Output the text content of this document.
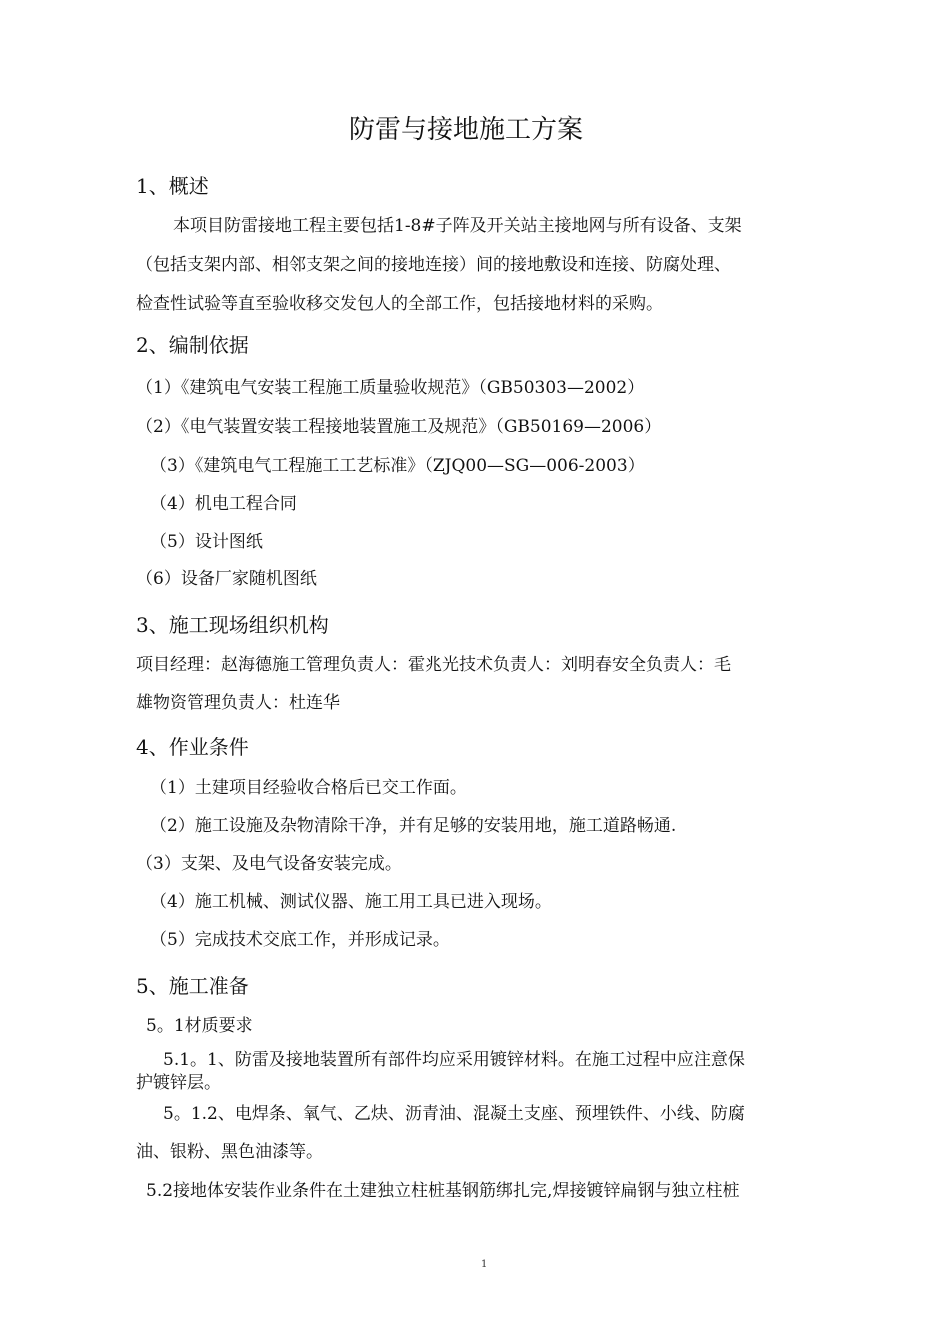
防雷与接地施工方案
1、概述
本项目防雷接地工程主要包括1-8#子阵及开关站主接地网与所有设备、支架
（包括支架内部、相邻支架之间的接地连接）间的接地敷设和连接、防腐处理、
检查性试验等直至验收移交发包人的全部工作，包括接地材料的采购。
2、编制依据
（1）《建筑电气安装工程施工质量验收规范》（GB50303—2002）
（2）《电气装置安装工程接地装置施工及规范》（GB50169—2006）
（3）《建筑电气工程施工工艺标准》（ZJQ00—SG—006-2003）
（4）机电工程合同
（5）设计图纸
（6）设备厂家随机图纸
3、施工现场组织机构
项目经理：赵海德施工管理负责人：霍兆光技术负责人：刘明春安全负责人：毛
雄物资管理负责人：杜连华
4、作业条件
（1）土建项目经验收合格后已交工作面。
（2）施工设施及杂物清除干净，并有足够的安装用地，施工道路畅通.
（3）支架、及电气设备安装完成。
（4）施工机械、测试仪器、施工用工具已进入现场。
（5）完成技术交底工作，并形成记录。
5、施工准备
5。1材质要求
5.1。1、防雷及接地装置所有部件均应采用镀锌材料。在施工过程中应注意保
护镀锌层。
5。1.2、电焊条、氧气、乙炔、沥青油、混凝土支座、预埋铁件、小线、防腐
油、银粉、黑色油漆等。
5.2接地体安装作业条件在土建独立柱桩基钢筋绑扎完,焊接镀锌扁钢与独立柱桩
1
